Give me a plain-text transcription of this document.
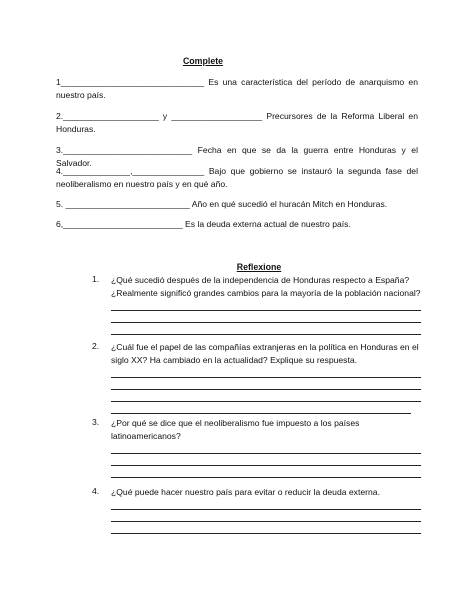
Complete
1______________________________ Es una característica del período de anarquismo en nuestro país.
2.____________________ y ___________________ Precursores de la Reforma Liberal en Honduras.
3.___________________________ Fecha en que se da la guerra entre Honduras y el Salvador.
4.______________,_______________ Bajo que gobierno se instauró la segunda fase del neoliberalismo en nuestro país y en qué año.
5. __________________________ Año en qué sucedió el huracán Mitch en Honduras.
6,_________________________ Es la deuda externa actual de nuestro país.
Reflexione
1. ¿Qué sucedió después de la independencia de Honduras respecto a España? ¿Realmente significó grandes cambios para la mayoría de la población nacional?
2. ¿Cuál fue el papel de las compañías extranjeras en la política en Honduras en el siglo XX? Ha cambiado en la actualidad? Explique su respuesta.
3. ¿Por qué se dice que el neoliberalismo fue impuesto a los países latinoamericanos?
4. ¿Qué puede hacer nuestro país para evitar o reducir la deuda externa.
